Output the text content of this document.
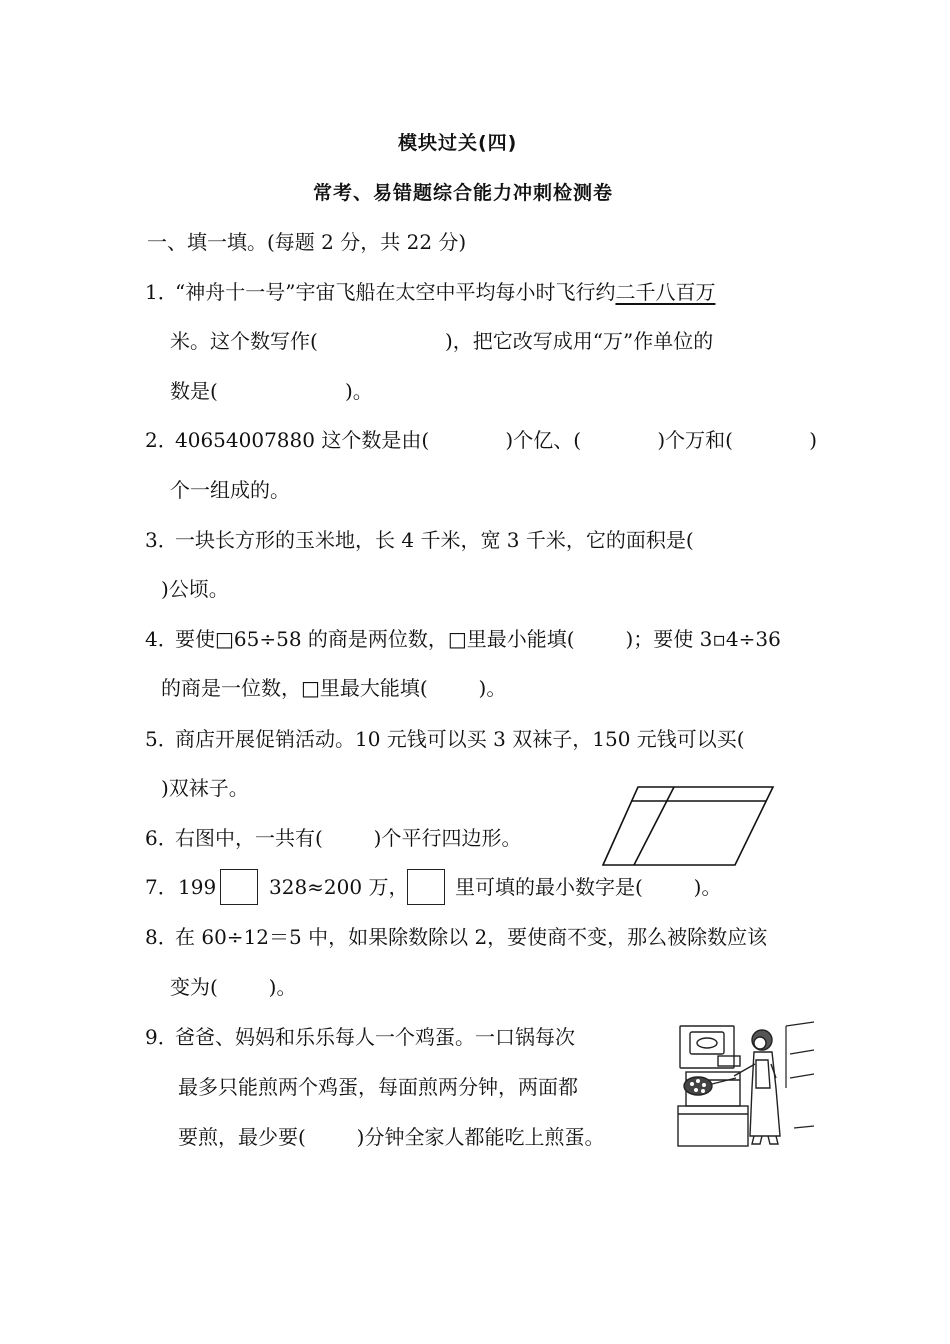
模块过关(四)
常考、易错题综合能力冲刺检测卷
一、填一填。(每题 2 分，共 22 分)
1．
“神舟十一号”宇宙飞船在太空中平均每小时飞行约二千八百万
米。这个数写作(                    )，把它改写成用“万”作单位的
数是(                    )。
2．
40654007880 这个数是由(            )个亿、(            )个万和(            )
个一组成的。
3．
一块长方形的玉米地，长 4 千米，宽 3 千米，它的面积是(
)公顷。
4．
要使□65÷58 的商是两位数，□里最小能填(        )；要使 3▫4÷36
的商是一位数，□里最大能填(        )。
5．
商店开展促销活动。10 元钱可以买 3 双袜子，150 元钱可以买(
)双袜子。
6．
右图中，一共有(        )个平行四边形。
7． 199	328≈200 万， 里可填的最小数字是(        )。
8．
在 60÷12＝5 中，如果除数除以 2，要使商不变，那么被除数应该
变为(        )。
9．
爸爸、妈妈和乐乐每人一个鸡蛋。一口锅每次
最多只能煎两个鸡蛋，每面煎两分钟，两面都
要煎，最少要(        )分钟全家人都能吃上煎蛋。
